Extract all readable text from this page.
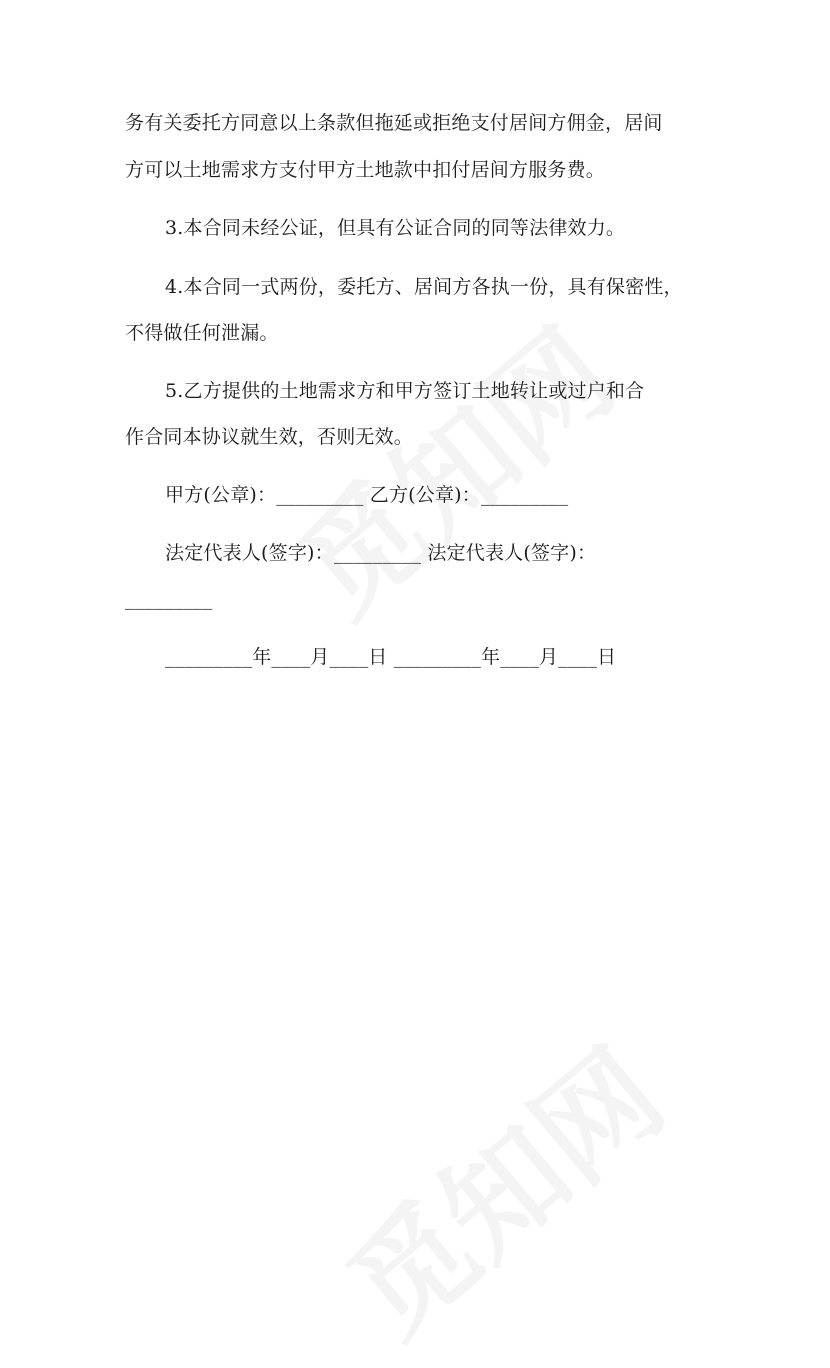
务有关委托方同意以上条款但拖延或拒绝支付居间方佣金，居间
方可以土地需求方支付甲方土地款中扣付居间方服务费。
3.本合同未经公证，但具有公证合同的同等法律效力。
4.本合同一式两份，委托方、居间方各执一份，具有保密性，
不得做任何泄漏。
5.乙方提供的土地需求方和甲方签订土地转让或过户和合
作合同本协议就生效，否则无效。
甲方(公章)：_________ 乙方(公章)：_________
法定代表人(签字)：_________ 法定代表人(签字)：
_________
_________年____月____日 _________年____月____日
